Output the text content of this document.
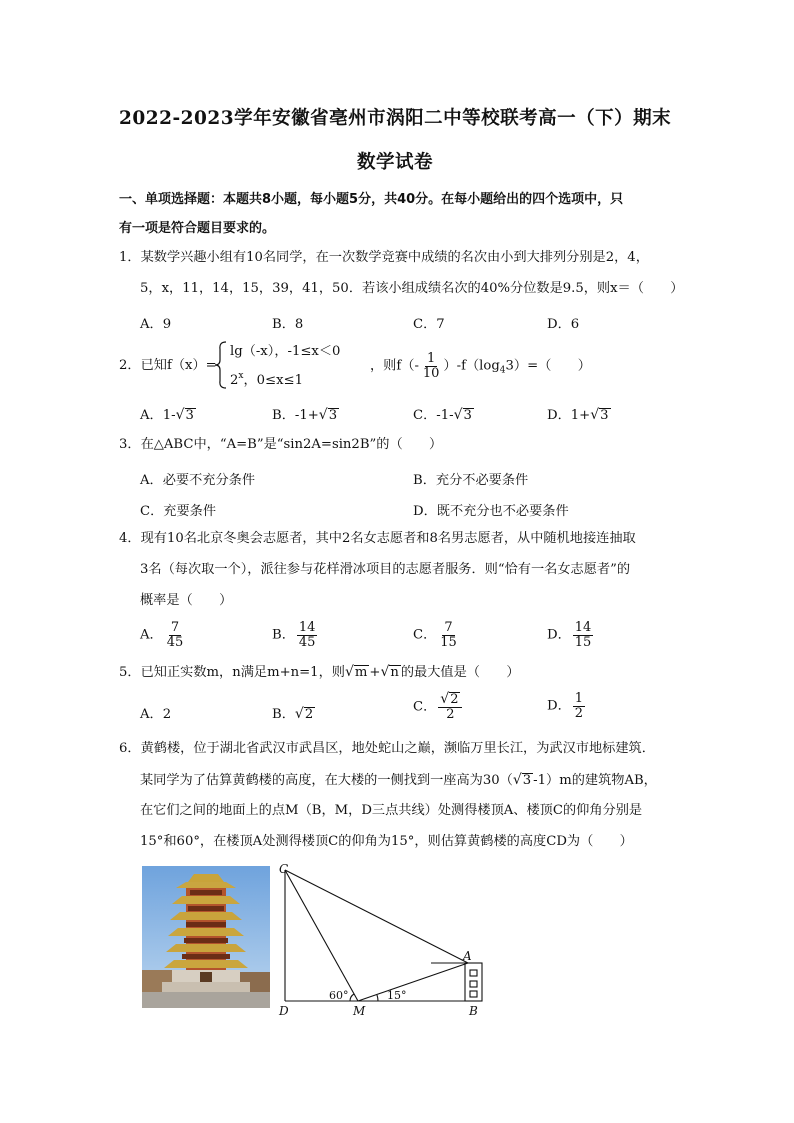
2022-2023学年安徽省亳州市涡阳二中等校联考高一（下）期末
数学试卷
一、单项选择题：本题共8小题，每小题5分，共40分。在每小题给出的四个选项中，只
有一项是符合题目要求的。
1．某数学兴趣小组有10名同学，在一次数学竞赛中成绩的名次由小到大排列分别是2，4，
5，x，11，14，15，39，41，50．若该小组成绩名次的40%分位数是9.5，则x＝（　　）
A．9	B．8	C．7	D．6
2．已知f（x）=
lg（-x），-1≤x＜0
2$^x$，0≤x≤1
，则$f(- \frac{1}{10} )-f(\log_43)=$（　　）
A．1-√3	B．-1+√3	C．-1-√3	D．1+√3
3．在△ABC中，“A=B”是“sin2A=sin2B”的（　　）
A．必要不充分条件	B．充分不必要条件
C．充要条件	D．既不充分也不必要条件
4．现有10名北京冬奥会志愿者，其中2名女志愿者和8名男志愿者，从中随机地接连抽取
3名（每次取一个），派往参与花样滑冰项目的志愿者服务．则“恰有一名女志愿者”的
概率是（　　）
A． $\frac{7}{45}$	B． $\frac{14}{45}$	C． $\frac{7}{15}$	D． $\frac{14}{15}$
5．已知正实数m，n满足m+n=1，则√m +√n 的最大值是（　　）
A．2	B．√2
C． $\frac{√2}{2}$	D． $\frac{1}{2}$
6．黄鹤楼，位于湖北省武汉市武昌区，地处蛇山之巅，濒临万里长江，为武汉市地标建筑．
某同学为了估算黄鹤楼的高度，在大楼的一侧找到一座高为30（√3 -1）m的建筑物AB，
在它们之间的地面上的点M（B，M，D三点共线）处测得楼顶A、楼顶C的仰角分别是
15°和60°，在楼顶A处测得楼顶C的仰角为15°，则估算黄鹤楼的高度CD为（　　）
C
A
D	M	B
60°	15°
